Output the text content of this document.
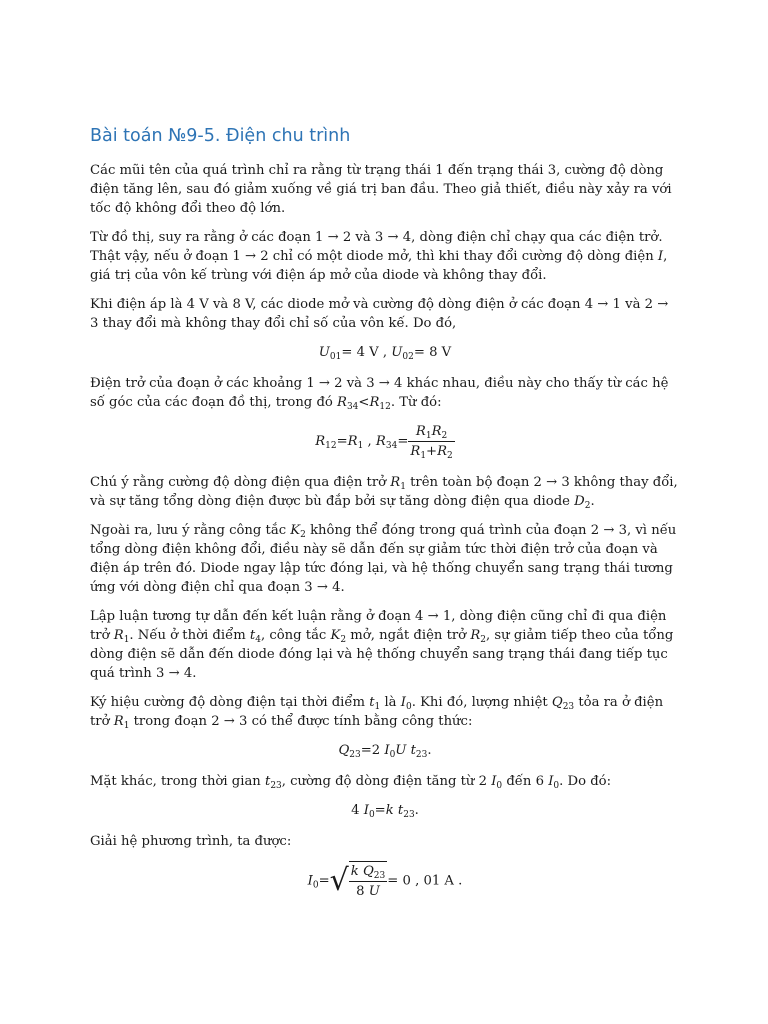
Bài toán №9-5. Điện chu trình

Các mũi tên của quá trình chỉ ra rằng từ trạng thái 1 đến trạng thái 3, cường độ dòng điện tăng lên, sau đó giảm xuống về giá trị ban đầu. Theo giả thiết, điều này xảy ra với tốc độ không đổi theo độ lớn.

Từ đồ thị, suy ra rằng ở các đoạn 1 → 2 và 3 → 4, dòng điện chỉ chạy qua các điện trở. Thật vậy, nếu ở đoạn 1 → 2 chỉ có một diode mở, thì khi thay đổi cường độ dòng điện I, giá trị của vôn kế trùng với điện áp mở của diode và không thay đổi.

Khi điện áp là 4 V và 8 V, các diode mở và cường độ dòng điện ở các đoạn 4 → 1 và 2 → 3 thay đổi mà không thay đổi chỉ số của vôn kế. Do đó,

$U_{01}= 4$ V , $U_{02}= 8$ V

Điện trở của đoạn ở các khoảng 1 → 2 và 3 → 4 khác nhau, điều này cho thấy từ các hệ số góc của các đoạn đồ thị, trong đó $R_{34}<R_{12}$. Từ đó:

$R_{12}=R_1$ , $R_{34}= \frac{R_1R_2}{R_1+R_2}$

Chú ý rằng cường độ dòng điện qua điện trở $R_1$ trên toàn bộ đoạn 2 → 3 không thay đổi, và sự tăng tổng dòng điện được bù đắp bởi sự tăng dòng điện qua diode $D_2$.

Ngoài ra, lưu ý rằng công tắc $K_2$ không thể đóng trong quá trình của đoạn 2 → 3, vì nếu tổng dòng điện không đổi, điều này sẽ dẫn đến sự giảm tức thời điện trở của đoạn và điện áp trên đó. Diode ngay lập tức đóng lại, và hệ thống chuyển sang trạng thái tương ứng với dòng điện chỉ qua đoạn 3 → 4.

Lập luận tương tự dẫn đến kết luận rằng ở đoạn 4 → 1, dòng điện cũng chỉ đi qua điện trở $R_1$. Nếu ở thời điểm $t_4$, công tắc $K_2$ mở, ngắt điện trở $R_2$, sự giảm tiếp theo của tổng dòng điện sẽ dẫn đến diode đóng lại và hệ thống chuyển sang trạng thái đang tiếp tục quá trình 3 → 4.

Ký hiệu cường độ dòng điện tại thời điểm $t_1$ là $I_0$. Khi đó, lượng nhiệt $Q_{23}$ tỏa ra ở điện trở $R_1$ trong đoạn 2 → 3 có thể được tính bằng công thức:

$Q_{23}=2$ $I_0U$ $t_{23}$.

Mặt khác, trong thời gian $t_{23}$, cường độ dòng điện tăng từ 2 $I_0$ đến 6 $I_0$. Do đó:

4 $I_0=k$ $t_{23}$.

Giải hệ phương trình, ta được:

$I_0=√ \frac{k Q_{23}}{8 U} = 0$ , 01 A .
